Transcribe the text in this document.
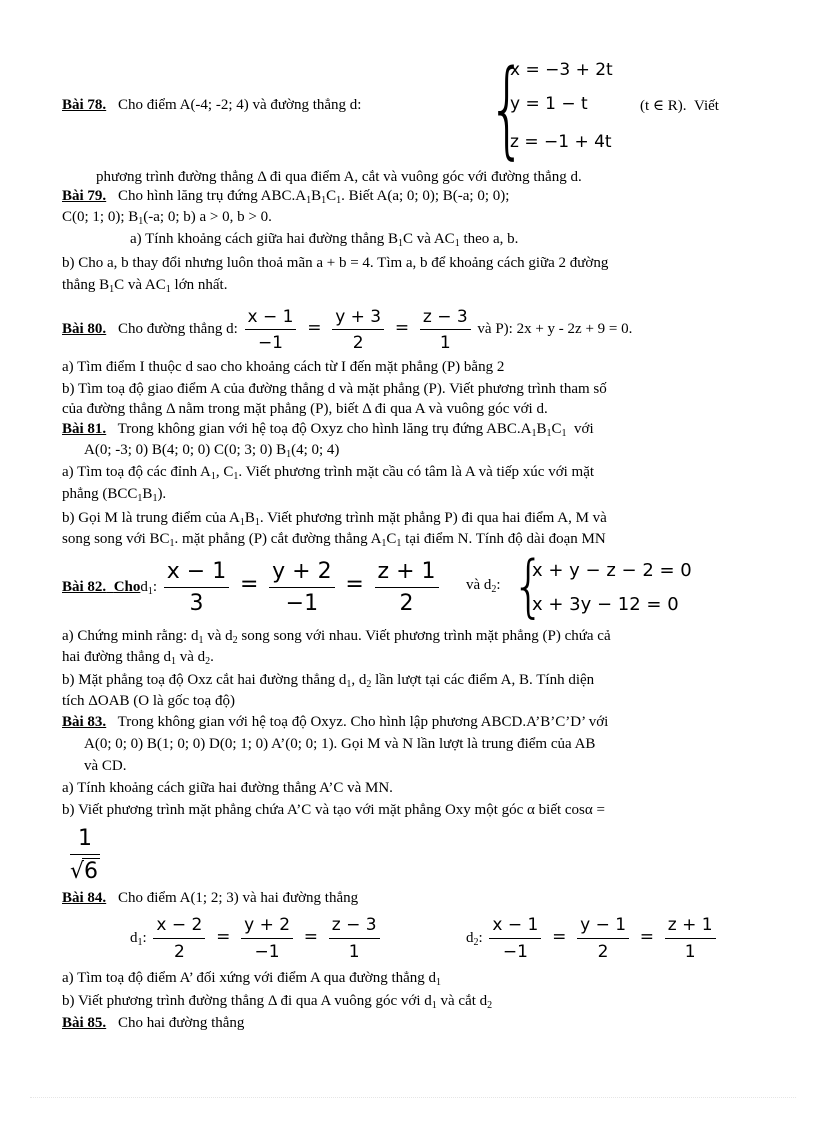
Bài 78. Cho điểm A(-4; -2; 4) và đường thẳng d: {
x = −3 + 2t
y = 1 − t
z = −1 + 4t
(t ∈ R). Viết
phương trình đường thẳng Δ đi qua điểm A, cắt và vuông góc với đường thẳng d.
Bài 79. Cho hình lăng trụ đứng $ABC.A_1B_1C_1$. Biết A(a; 0; 0); B(-a; 0; 0);
C(0; 1; 0); $B_1(-a$; 0; b) a > 0, b > 0.
a) Tính khoảng cách giữa hai đường thẳng $B_1C$ và $AC_1$ theo a, b.
b) Cho a, b thay đổi nhưng luôn thoả mãn a + b = 4. Tìm a, b để khoảng cách giữa 2 đường
thẳng $B_1C$ và $AC_1$ lớn nhất.
Bài 80. Cho đường thẳng d: $\frac{x - 1}{-1} = \frac{y + 3}{2} = \frac{z - 3}{1}$ và P): 2x + y - 2z + 9 = 0.
a) Tìm điểm I thuộc d sao cho khoảng cách từ I đến mặt phẳng (P) bằng 2
b) Tìm toạ độ giao điểm A của đường thẳng d và mặt phẳng (P). Viết phương trình tham số
của đường thẳng Δ nằm trong mặt phẳng (P), biết Δ đi qua A và vuông góc với d.
Bài 81. Trong không gian với hệ toạ độ Oxyz cho hình lăng trụ đứng $ABC.A_1B_1C_1$ với
A(0; -3; 0) B(4; 0; 0) C(0; 3; 0) $B_1(4$; 0; 4)
a) Tìm toạ độ các đỉnh $A_1$, $C_1$. Viết phương trình mặt cầu có tâm là A và tiếp xúc với mặt
phẳng $(BCC_1B_1)$.
b) Gọi M là trung điểm của $A_1B_1$. Viết phương trình mặt phẳng P) đi qua hai điểm A, M và
song song với $BC_1$. mặt phẳng (P) cắt đường thẳng $A_1C_1$ tại điểm N. Tính độ dài đoạn MN
Bài 82. Chod$_1$: $\frac{x - 1}{3} = \frac{y + 2}{-1} = \frac{z + 1}{2}$ và $d_2$: {
x + y − z − 2 = 0
x + 3y − 12 = 0
a) Chứng minh rằng: $d_1$ và $d_2$ song song với nhau. Viết phương trình mặt phẳng (P) chứa cả
hai đường thẳng $d_1$ và $d_2$.
b) Mặt phẳng toạ độ Oxz cắt hai đường thẳng $d_1$, $d_2$ lần lượt tại các điểm A, B. Tính diện
tích ΔOAB (O là gốc toạ độ)
Bài 83. Trong không gian với hệ toạ độ Oxyz. Cho hình lập phương ABCD.A’B’C’D’ với
A(0; 0; 0) B(1; 0; 0) D(0; 1; 0) A’(0; 0; 1). Gọi M và N lần lượt là trung điểm của AB
và CD.
a) Tính khoảng cách giữa hai đường thẳng A’C và MN.
b) Viết phương trình mặt phẳng chứa A’C và tạo với mặt phẳng Oxy một góc α biết cosα =
$\frac{1}{√6}$
Bài 84. Cho điểm A(1; 2; 3) và hai đường thẳng
$d_1$: $\frac{x - 2}{2} = \frac{y + 2}{-1} = \frac{z - 3}{1}$	$d_2$: $\frac{x - 1}{-1} = \frac{y - 1}{2} = \frac{z + 1}{1}$
a) Tìm toạ độ điểm A’ đối xứng với điểm A qua đường thẳng $d_1$
b) Viết phương trình đường thẳng Δ đi qua A vuông góc với $d_1$ và cắt $d_2$
Bài 85. Cho hai đường thẳng
